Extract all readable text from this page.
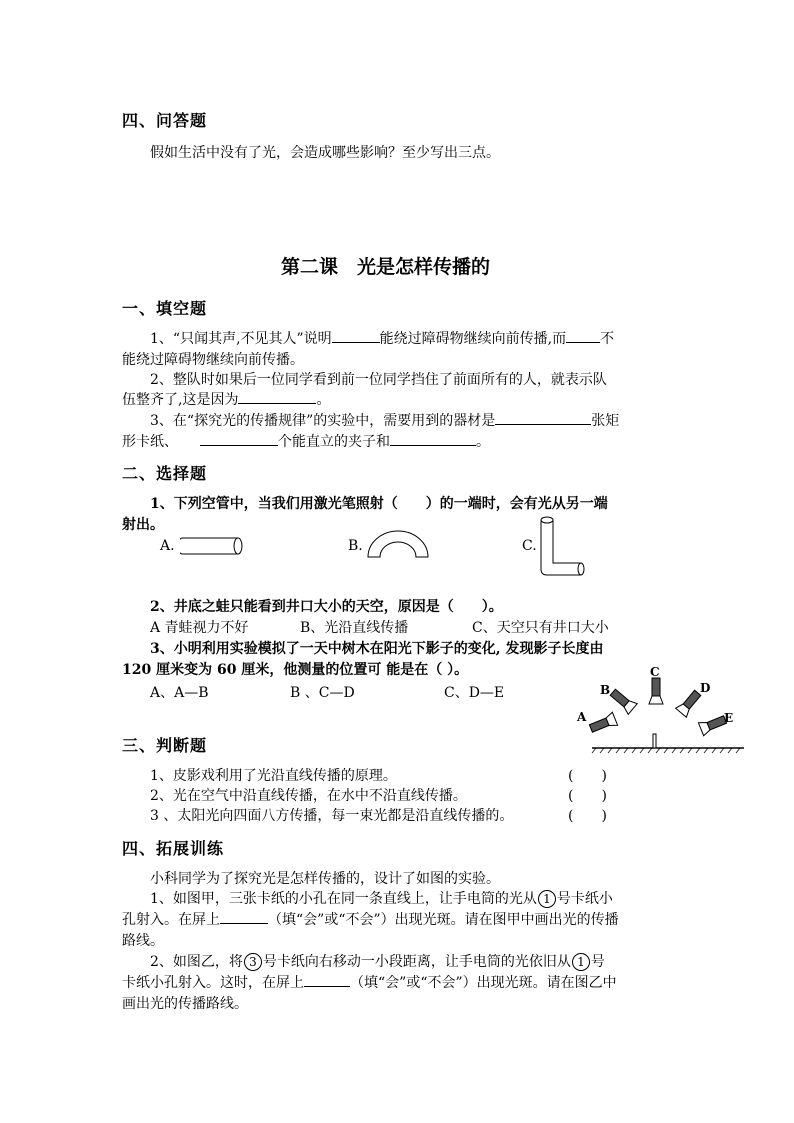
四、问答题
假如生活中没有了光，会造成哪些影响？至少写出三点。
第二课　光是怎样传播的
一、填空题
1、“只闻其声,不见其人”说明	能绕过障碍物继续向前传播,而 不
能绕过障碍物继续向前传播。
2、整队时如果后一位同学看到前一位同学挡住了前面所有的人，就表示队
伍整齐了,这是因为	。
3、在“探究光的传播规律”的实验中，需要用到的器材是	张矩
形卡纸、	个能直立的夹子和	。
二、选择题
1、下列空管中，当我们用激光笔照射（　　）的一端时，会有光从另一端
射出。
A.	B.	C.
2、井底之蛙只能看到井口大小的天空，原因是（　　）。
A 青蛙视力不好	B、光沿直线传播	C、天空只有井口大小
3、小明利用实验模拟了一天中树木在阳光下影子的变化, 发现影子长度由
120 厘米变为 60 厘米，他测量的位置可 能是在（ ）。
A、A—B	B 、C—D	C、D—E
A
B
C
D
E
三、判断题
1、皮影戏利用了光沿直线传播的原理。	(　　)
2、光在空气中沿直线传播，在水中不沿直线传播。	(　　)
3 、太阳光向四面八方传播，每一束光都是沿直线传播的。	(　　)
四、拓展训练
小科同学为了探究光是怎样传播的，设计了如图的实验。
1、如图甲，三张卡纸的小孔在同一条直线上，让手电筒的光从 1 号卡纸小
孔射入。在屏上	（填“会”或“不会”）出现光斑。请在图甲中画出光的传播
路线。
2、如图乙，将 3 号卡纸向右移动一小段距离，让手电筒的光依旧从 1 号
卡纸小孔射入。这时，在屏上	（填“会”或“不会”）出现光斑。请在图乙中
画出光的传播路线。
